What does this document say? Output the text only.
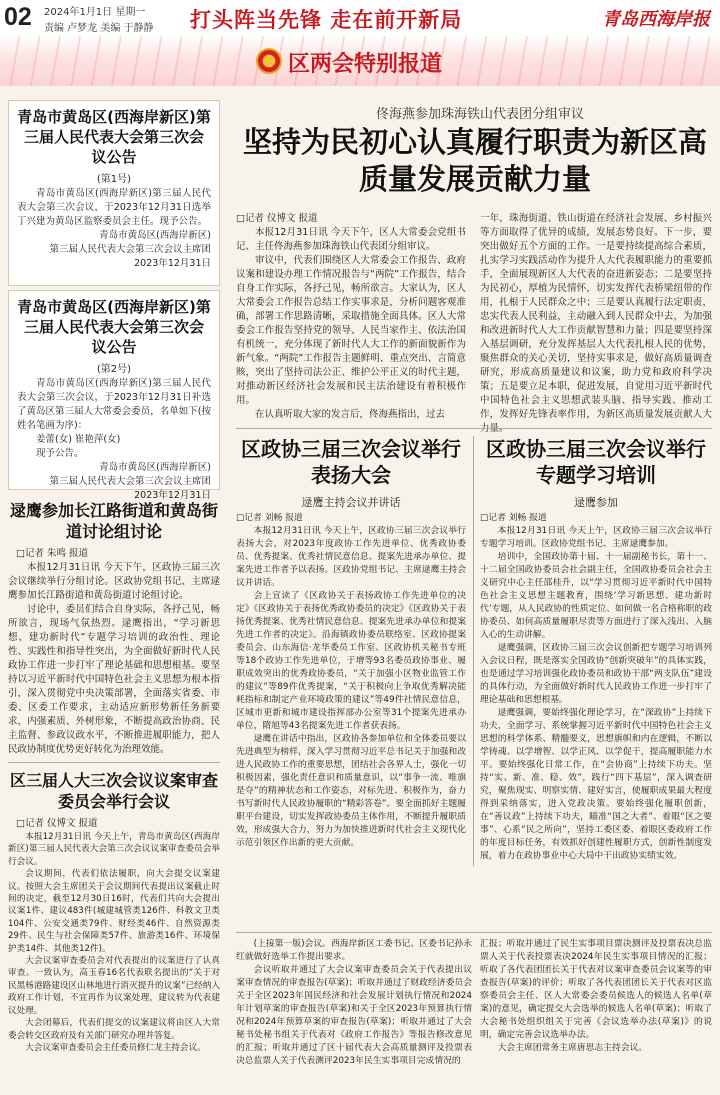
02 2024年1月1日 星期一
责编 卢梦龙 美编 于静静 打头阵当先锋 走在前开新局	青岛西海岸报
区两会特别报道
青岛市黄岛区(西海岸新区)第三届人民代表大会第三次会议公告
(第1号)
青岛市黄岛区(西海岸新区)第三届人民代表大会第三次会议，于2023年12月31日选举丁兴建为黄岛区监察委员会主任。现予公告。
青岛市黄岛区(西海岸新区)
第三届人民代表大会第三次会议主席团
2023年12月31日
青岛市黄岛区(西海岸新区)第三届人民代表大会第三次会议公告
(第2号)
青岛市黄岛区(西海岸新区)第三届人民代表大会第三次会议，于2023年12月31日补选了黄岛区第三届人大常委会委员，名单如下(按姓名笔画为序)：
姜蕾(女) 崔艳萍(女)
现予公告。
青岛市黄岛区(西海岸新区)
第三届人民代表大会第三次会议主席团
2023年12月31日
逯鹰参加长江路街道和黄岛街道讨论组讨论
□记者 朱鸣 报道

本报12月31日讯 今天下午，区政协三届三次会议继续举行分组讨论。区政协党组书记、主席逯鹰参加长江路街道和黄岛街道讨论组讨论。

讨论中，委员们结合自身实际，各抒己见，畅所欲言，现场气氛热烈。逯鹰指出，“学习新思想、建功新时代”专题学习培训的政治性、理论性、实践性和指导性突出，为全面做好新时代人民政协工作进一步打牢了理论基础和思想根基。要坚持以习近平新时代中国特色社会主义思想为根本指引，深入贯彻党中央决策部署，全面落实省委、市委、区委工作要求，主动适应新形势新任务新要求，内强素质、外树形象，不断提高政治协商、民主监督、参政议政水平，不断推进履职能力，把人民政协制度优势更好转化为治理效能。

区三届人大三次会议议案审查委员会举行会议
□记者 仪博文 报道

本报12月31日讯 今天上午，青岛市黄岛区(西海岸新区)第三届人民代表大会第三次会议议案审查委员会举行会议。

会议期间，代表们依法履职，向大会提交议案建议。按照大会主席团关于会议期间代表提出议案截止时间的决定，截至12月30日16时，代表们共向大会提出议案1件、建议483件(城建城管类126件、科教文卫类104件、公安交通类79件、财经类46件、自然资源类29件、民生与社会保障类57件、旅游类16件、环境保护类14件、其他类12件)。

大会议案审查委员会对代表提出的议案进行了认真审查。一致认为，高玉春16名代表联名提出的“关于对民黑杨港路建设区山林地进行消灭提升的议案”已经纳入政府工作计划，不宜再作为议案处理，建议转为代表建议处理。

大会闭幕后，代表们提交的议案建议将由区人大常委会转交区政府及有关部门研究办理并答复。

大会议案审查委员会主任委员修仁龙主持会议。

佟海燕参加珠海铁山代表团分组审议
坚持为民初心认真履行职责为新区高质量发展贡献力量

□记者 仪博文 报道

本报12月31日讯 今天下午，区人大常委会党组书记、主任佟海燕参加珠海铁山代表团分组审议。

审议中，代表们围绕区人大常委会工作报告、政府议案和建设办理工作情况报告与“两院”工作报告，结合自身工作实际，各抒己见，畅所欲言。大家认为，区人大常委会工作报告总结工作实事求是，分析问题客观准确，部署工作思路清晰，采取措施全面具体。区人大常委会工作报告坚持党的领导、人民当家作主、依法治国有机统一，充分体现了新时代人大工作的新面貌新作为新气象。“两院”工作报告主题鲜明、重点突出、言简意赅，突出了坚持司法公正、维护公平正义的时代主题，对推动新区经济社会发展和民主法治建设有着积极作用。

在认真听取大家的发言后，佟海燕指出，过去

一年，珠海街道、铁山街道在经济社会发展、乡村振兴等方面取得了优异的成绩，发展态势良好。下一步，要突出做好五个方面的工作。一是要持续提高综合素质，扎实学习实践活动作为提升人大代表履职能力的重要抓手，全面展现新区人大代表的奋进新姿态；二是要坚持为民初心，厚植为民情怀，切实发挥代表桥梁纽带的作用，扎根于人民群众之中；三是要认真履行法定职责，忠实代表人民利益，主动融入到人民群众中去，为加强和改进新时代人大工作贡献智慧和力量；四是要坚持深入基层调研，充分发挥基层人大代表扎根人民的优势，聚焦群众的关心关切，坚持实事求是，做好高质量调查研究，形成高质量建议和议案，助力党和政府科学决策；五是要立足本职，促进发展，自觉用习近平新时代中国特色社会主义思想武装头脑、指导实践、推动工作，发挥好先锋表率作用，为新区高质量发展贡献人大

区政协三届三次会议举行表扬大会
逯鹰主持会议并讲话

□记者 刘畅 报道

本报12月31日讯 今天上午，区政协三届三次会议举行表扬大会，对2023年度政协工作先进单位、优秀政协委员、优秀提案、优秀社情民意信息、提案先进承办单位、提案先进工作者予以表扬。区政协党组书记、主席逯鹰主持会议并讲话。

会上宣读了《区政协关于表扬政协工作先进单位的决定》《区政协关于表扬优秀政协委员的决定》《区政协关于表扬优秀提案、优秀社情民意信息、提案先进承办单位和提案先进工作者的决定》。沿海镇政协委员联络室、区政协提案委员会、山东海信·龙华委员工作室、区政协机关秘书专班等18个政协工作先进单位，于增等93名委员政协事业、履职成效突出的优秀政协委员，“关于加强小区物业监管工作的建议”等89件优秀提案，“关于积极向上争取优秀解决能耗指标和制定产业环境政策的建议”等49件社情民意信息，区城市更新和城市建设指挥部办公室等31个提案先进承办单位，隋旭等43名提案先进工作者获表扬。

逯鹰在讲话中指出，区政协各参加单位和全体委员要以先进典型为榜样，深入学习贯彻习近平总书记关于加强和改进人民政协工作的重要思想，团结社会各界人士，强化一切积极因素，强化责任意识和质量意识，以“事争一流、唯旗是夺”的精神状态和工作姿态，对标先进、积极作为，奋力书写新时代人民政协履职的“精彩答卷”。要全面抓好主题履职平台建设，切实发挥政协委员主体作用，不断提升履职质效，形成强大合力，努力为加快推进新时代社会主义现代化示范引领区作出新的更大贡献。

区政协三届三次会议举行专题学习培训
逯鹰参加

□记者 刘畅 报道

本报12月31日讯 今天上午，区政协三届三次会议举行专题学习培训。区政协党组书记、主席逯鹰参加。

培训中，全国政协第十届、十一届副秘书长，第十一、十二届全国政协委员会社会副主任，全国政协委员会社会主义研究中心主任邵桂升，以“学习贯彻习近平新时代中国特色社会主义思想主题教育，围绕‘学习新思想、建功新时代’专题，从人民政协的性质定位、如何做一名合格称职的政协委员、如何高质量履职尽责等方面进行了深入浅出、入脑入心的生动讲解。

逯鹰强调，区政协三届三次会议创新把专题学习培训列入会议日程，既是落实全国政协“创新突破年”的具体实践，也是通过学习培训强化政协委员和政协干部“两支队伍”建设的具体行动，为全面做好新时代人民政协工作进一步打牢了理论基础和思想根基。

逯鹰强调，要始终强化理论学习，在“深政协”上持续下功夫，全面学习、系统掌握习近平新时代中国特色社会主义思想的科学体系、精髓要义，思想旗帜和内在逻辑，不断以学铸魂、以学增智、以学正风、以学促干，提高履职能力水平。要始终强化日常工作，在“会协商”上持续下功夫。坚持“实、新、准、稳、效”，践行“四下基层”，深入调查研究，聚焦现实、明察实情、建好实言，使履职成果最大程度得到采纳落实，进入党政决策。要始终强化履职创新，在“善议政”上持续下功夫，瞄准“国之大者”、着眼“区之要事”、心系“民之所向”，坚持工委区委、着眼区委政府工作的年度目标任务，有效抓好创建性履职方式，创新性制度发展，着力在政协事业中心大局中干出政协实绩实效。

(上接第一版)会议。西海岸新区工委书记、区委书记孙永红就做好选举工作提出要求。

会议听取并通过了大会议案审查委员会关于代表提出议案审查情况的审查报告(草案)；听取并通过了财政经济委员会关于全区2023年国民经济和社会发展计划执行情况和2024年计划草案的审查报告(草案)和关于全区2023年预算执行情况和2024年预算草案的审查报告(草案)；听取并通过了大会秘书处秘书组关于代表对《政府工作报告》等报告修改意见的汇报；听取并通过了区十届代表大会高质量测评及投票表决总监票人关于代表测评2023年民生实事项目完成情况的

汇报；听取并通过了民生实事项目票决测评及投票表决总监票人关于代表投票表决2024年民生实事项目情况的汇报；听取了各代表团团长关于代表对议案审查委员会议案等的审查报告(草案)的评价；听取了各代表团团长关于代表对区监察委员会主任、区人大常委会委员候选人的候选人名单(草案)的意见，确定提交大会选举的候选人名单(草案)；听取了大会秘书处组织组关于完善《会议选举办法(草案)》的说明，确定完善会议选举办法。

大会主席团常务主席唐思志主持会议。
